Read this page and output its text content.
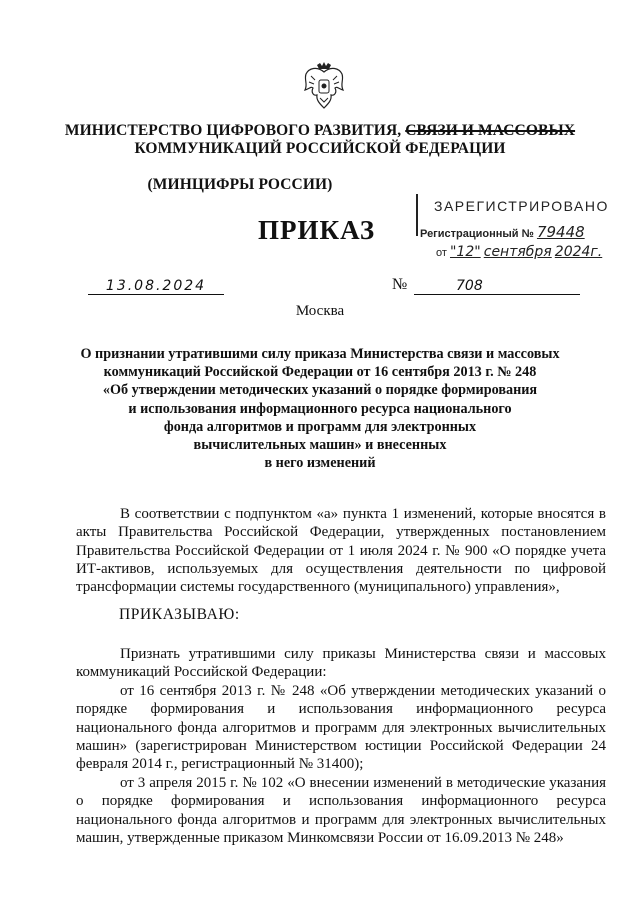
МИНИСТЕРСТВО ЦИФРОВОГО РАЗВИТИЯ, СВЯЗИ И МАССОВЫХ
КОММУНИКАЦИЙ РОССИЙСКОЙ ФЕДЕРАЦИИ
(МИНЦИФРЫ РОССИИ)
ЗАРЕГИСТРИРОВАНО
Регистрационный № 79448
от "12" сентября 2024г.
ПРИКАЗ
13.08.2024	№	708
Москва
О признании утратившими силу приказа Министерства связи и массовых
коммуникаций Российской Федерации от 16 сентября 2013 г. № 248
«Об утверждении методических указаний о порядке формирования
и использования информационного ресурса национального
фонда алгоритмов и программ для электронных
вычислительных машин» и внесенных
в него изменений
В соответствии с подпунктом «а» пункта 1 изменений, которые вносятся в акты Правительства Российской Федерации, утвержденных постановлением Правительства Российской Федерации от 1 июля 2024 г. № 900 «О порядке учета ИТ-активов, используемых для осуществления деятельности по цифровой трансформации системы государственного (муниципального) управления»,
ПРИКАЗЫВАЮ:
Признать утратившими силу приказы Министерства связи и массовых коммуникаций Российской Федерации:
от 16 сентября 2013 г. № 248 «Об утверждении методических указаний о порядке формирования и использования информационного ресурса национального фонда алгоритмов и программ для электронных вычислительных машин» (зарегистрирован Министерством юстиции Российской Федерации 24 февраля 2014 г., регистрационный № 31400);
от 3 апреля 2015 г. № 102 «О внесении изменений в методические указания о порядке формирования и использования информационного ресурса национального фонда алгоритмов и программ для электронных вычислительных машин, утвержденные приказом Минкомсвязи России от 16.09.2013 № 248»
